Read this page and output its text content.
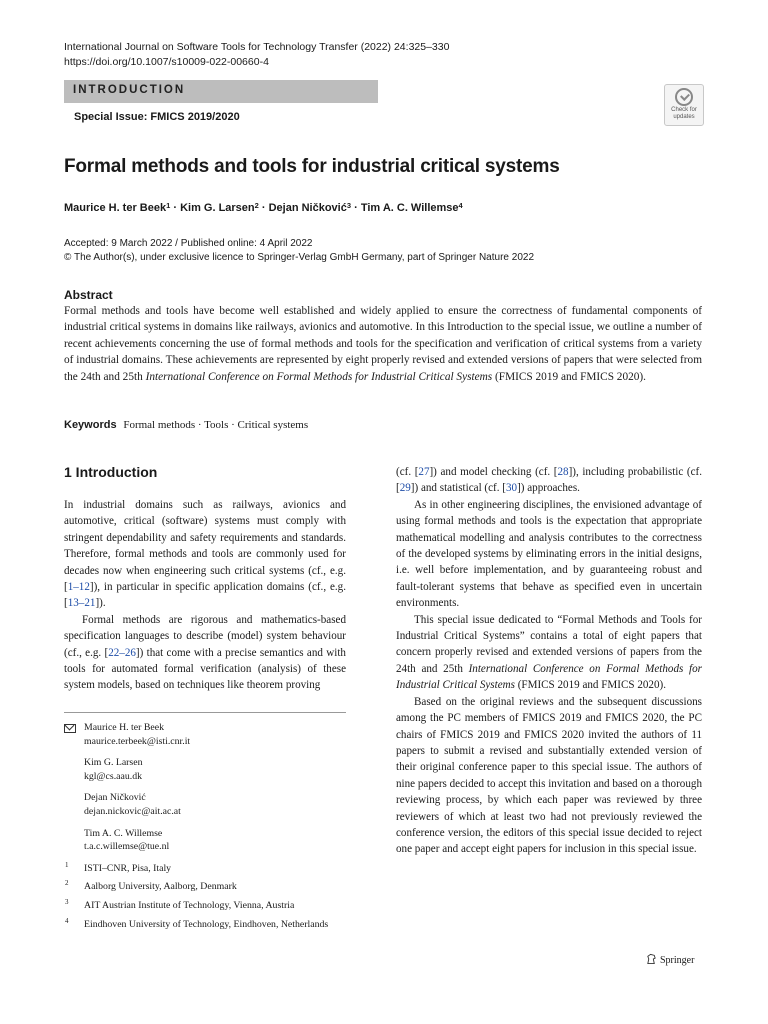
International Journal on Software Tools for Technology Transfer (2022) 24:325–330
https://doi.org/10.1007/s10009-022-00660-4
INTRODUCTION
Special Issue: FMICS 2019/2020
Check for updates
Formal methods and tools for industrial critical systems
Maurice H. ter Beek$^1$ · Kim G. Larsen$^2$ · Dejan Ničković$^3$ · Tim A. C. Willemse$^4$
Accepted: 9 March 2022 / Published online: 4 April 2022
© The Author(s), under exclusive licence to Springer-Verlag GmbH Germany, part of Springer Nature 2022
Abstract

Formal methods and tools have become well established and widely applied to ensure the correctness of fundamental components of industrial critical systems in domains like railways, avionics and automotive. In this Introduction to the special issue, we outline a number of recent achievements concerning the use of formal methods and tools for the specification and verification of critical systems from a variety of industrial domains. These achievements are represented by eight properly revised and extended versions of papers that were selected from the 24th and 25th International Conference on Formal Methods for Industrial Critical Systems (FMICS 2019 and FMICS 2020).

Keywords Formal methods · Tools · Critical systems
1 Introduction

In industrial domains such as railways, avionics and automotive, critical (software) systems must comply with stringent dependability and safety requirements and standards. Therefore, formal methods and tools are commonly used for decades now when engineering such critical systems (cf., e.g. [1–12]), in particular in specific application domains (cf., e.g. [13–21]).

Formal methods are rigorous and mathematics-based specification languages to describe (model) system behaviour (cf., e.g. [22–26]) that come with a precise semantics and with tools for automated formal verification (analysis) of these system models, based on techniques like theorem proving

(cf. [27]) and model checking (cf. [28]), including probabilistic (cf. [29]) and statistical (cf. [30]) approaches.

As in other engineering disciplines, the envisioned advantage of using formal methods and tools is the expectation that appropriate mathematical modelling and analysis contributes to the correctness of the developed systems by eliminating errors in the initial designs, i.e. well before implementation, and by guaranteeing robust and fault-tolerant systems that behave as specified even in uncertain environments.

This special issue dedicated to “Formal Methods and Tools for Industrial Critical Systems” contains a total of eight papers that concern properly revised and extended versions of papers from the 24th and 25th International Conference on Formal Methods for Industrial Critical Systems (FMICS 2019 and FMICS 2020).

Based on the original reviews and the subsequent discussions among the PC members of FMICS 2019 and FMICS 2020, the PC chairs of FMICS 2019 and FMICS 2020 invited the authors of 11 papers to submit a revised and substantially extended version of their original conference paper to this special issue. The authors of nine papers decided to accept this invitation and based on a thorough reviewing process, by which each paper was reviewed by three reviewers of which at least two had not previously reviewed the conference version, the editors of this special issue decided to reject one paper and accept eight papers for inclusion in this special issue.

Maurice H. ter Beek
maurice.terbeek@isti.cnr.it
Kim G. Larsen
kgl@cs.aau.dk
Dejan Ničković
dejan.nickovic@ait.ac.at
Tim A. C. Willemse
t.a.c.willemse@tue.nl
1 ISTI–CNR, Pisa, Italy
2 Aalborg University, Aalborg, Denmark
3 AIT Austrian Institute of Technology, Vienna, Austria
4 Eindhoven University of Technology, Eindhoven, Netherlands
Springer
